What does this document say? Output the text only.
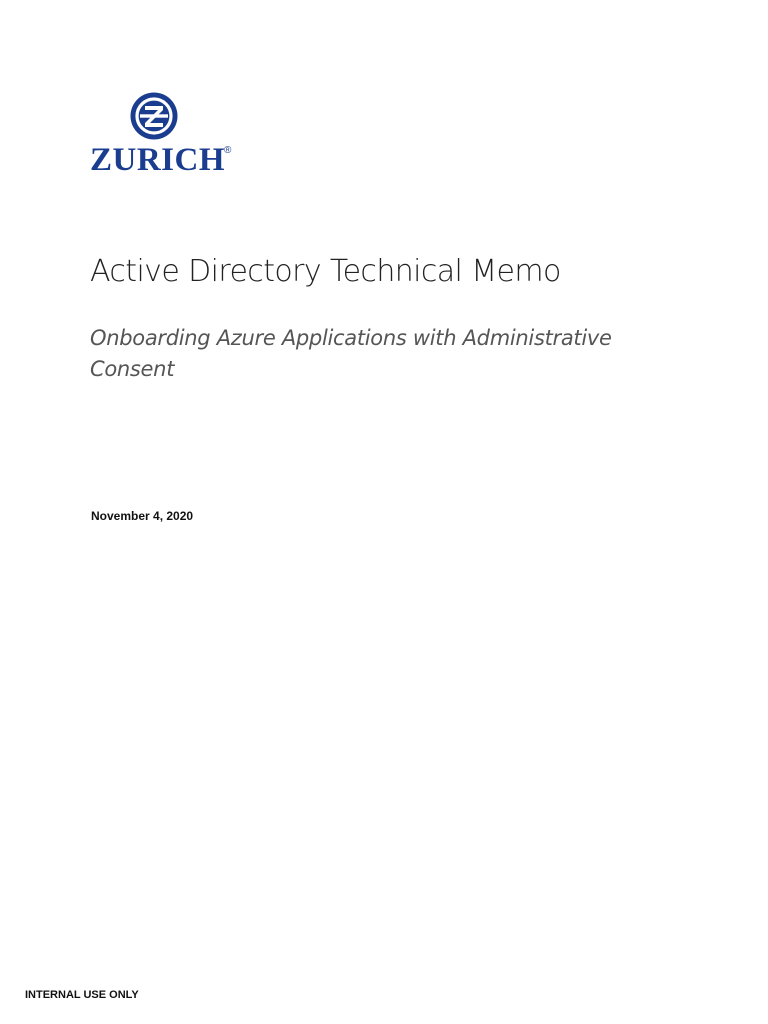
ZURICH
®
Active Directory Technical Memo
Onboarding Azure Applications with Administrative Consent
November 4, 2020
INTERNAL USE ONLY
